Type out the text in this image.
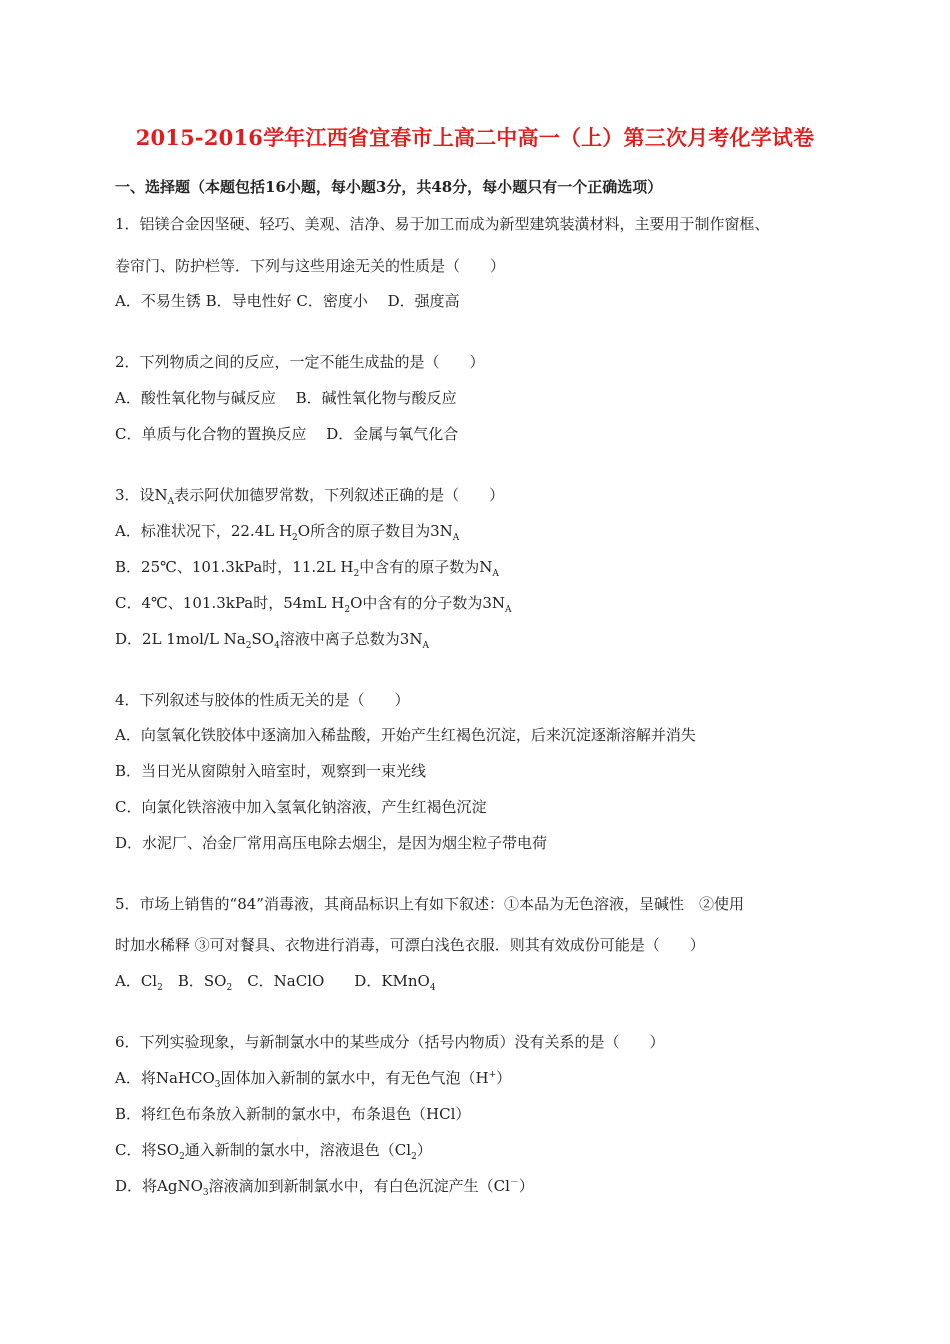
2015-2016学年江西省宜春市上高二中高一（上）第三次月考化学试卷
一、选择题（本题包括16小题，每小题3分，共48分，每小题只有一个正确选项）
1．铝镁合金因坚硬、轻巧、美观、洁净、易于加工而成为新型建筑装潢材料，主要用于制作窗框、
卷帘门、防护栏等．下列与这些用途无关的性质是（　　）
A．不易生锈 B．导电性好 C．密度小　 D．强度高
2．下列物质之间的反应，一定不能生成盐的是（　　）
A．酸性氧化物与碱反应　 B．碱性氧化物与酸反应
C．单质与化合物的置换反应　 D．金属与氧气化合
3．设$N_A$表示阿伏加德罗常数，下列叙述正确的是（　　）
A．标准状况下，22.4L $H_2O$所含的原子数目为$3N_A$
B．25℃、101.3kPa时，11.2L $H_2$中含有的原子数为$N_A$
C．4℃、101.3kPa时，54mL $H_2O$中含有的分子数为$3N_A$
D．2L 1mol/L $Na_2SO_4$溶液中离子总数为$3N_A$
4．下列叙述与胶体的性质无关的是（　　）
A．向氢氧化铁胶体中逐滴加入稀盐酸，开始产生红褐色沉淀，后来沉淀逐渐溶解并消失
B．当日光从窗隙射入暗室时，观察到一束光线
C．向氯化铁溶液中加入氢氧化钠溶液，产生红褐色沉淀
D．水泥厂、冶金厂常用高压电除去烟尘，是因为烟尘粒子带电荷
5．市场上销售的“84”消毒液，其商品标识上有如下叙述：①本品为无色溶液，呈碱性　②使用
时加水稀释 ③可对餐具、衣物进行消毒，可漂白浅色衣服．则其有效成份可能是（　　）
A．$Cl_2$　B．$SO_2$　C．NaClO　　D．KMnO$_4$
6．下列实验现象，与新制氯水中的某些成分（括号内物质）没有关系的是（　　）
A．将NaHCO$_3$固体加入新制的氯水中，有无色气泡（H+）
B．将红色布条放入新制的氯水中，布条退色（HCl）
C．将$SO_2$通入新制的氯水中，溶液退色$(Cl_2)$
D．将AgNO$_3$溶液滴加到新制氯水中，有白色沉淀产生（Cl－）
